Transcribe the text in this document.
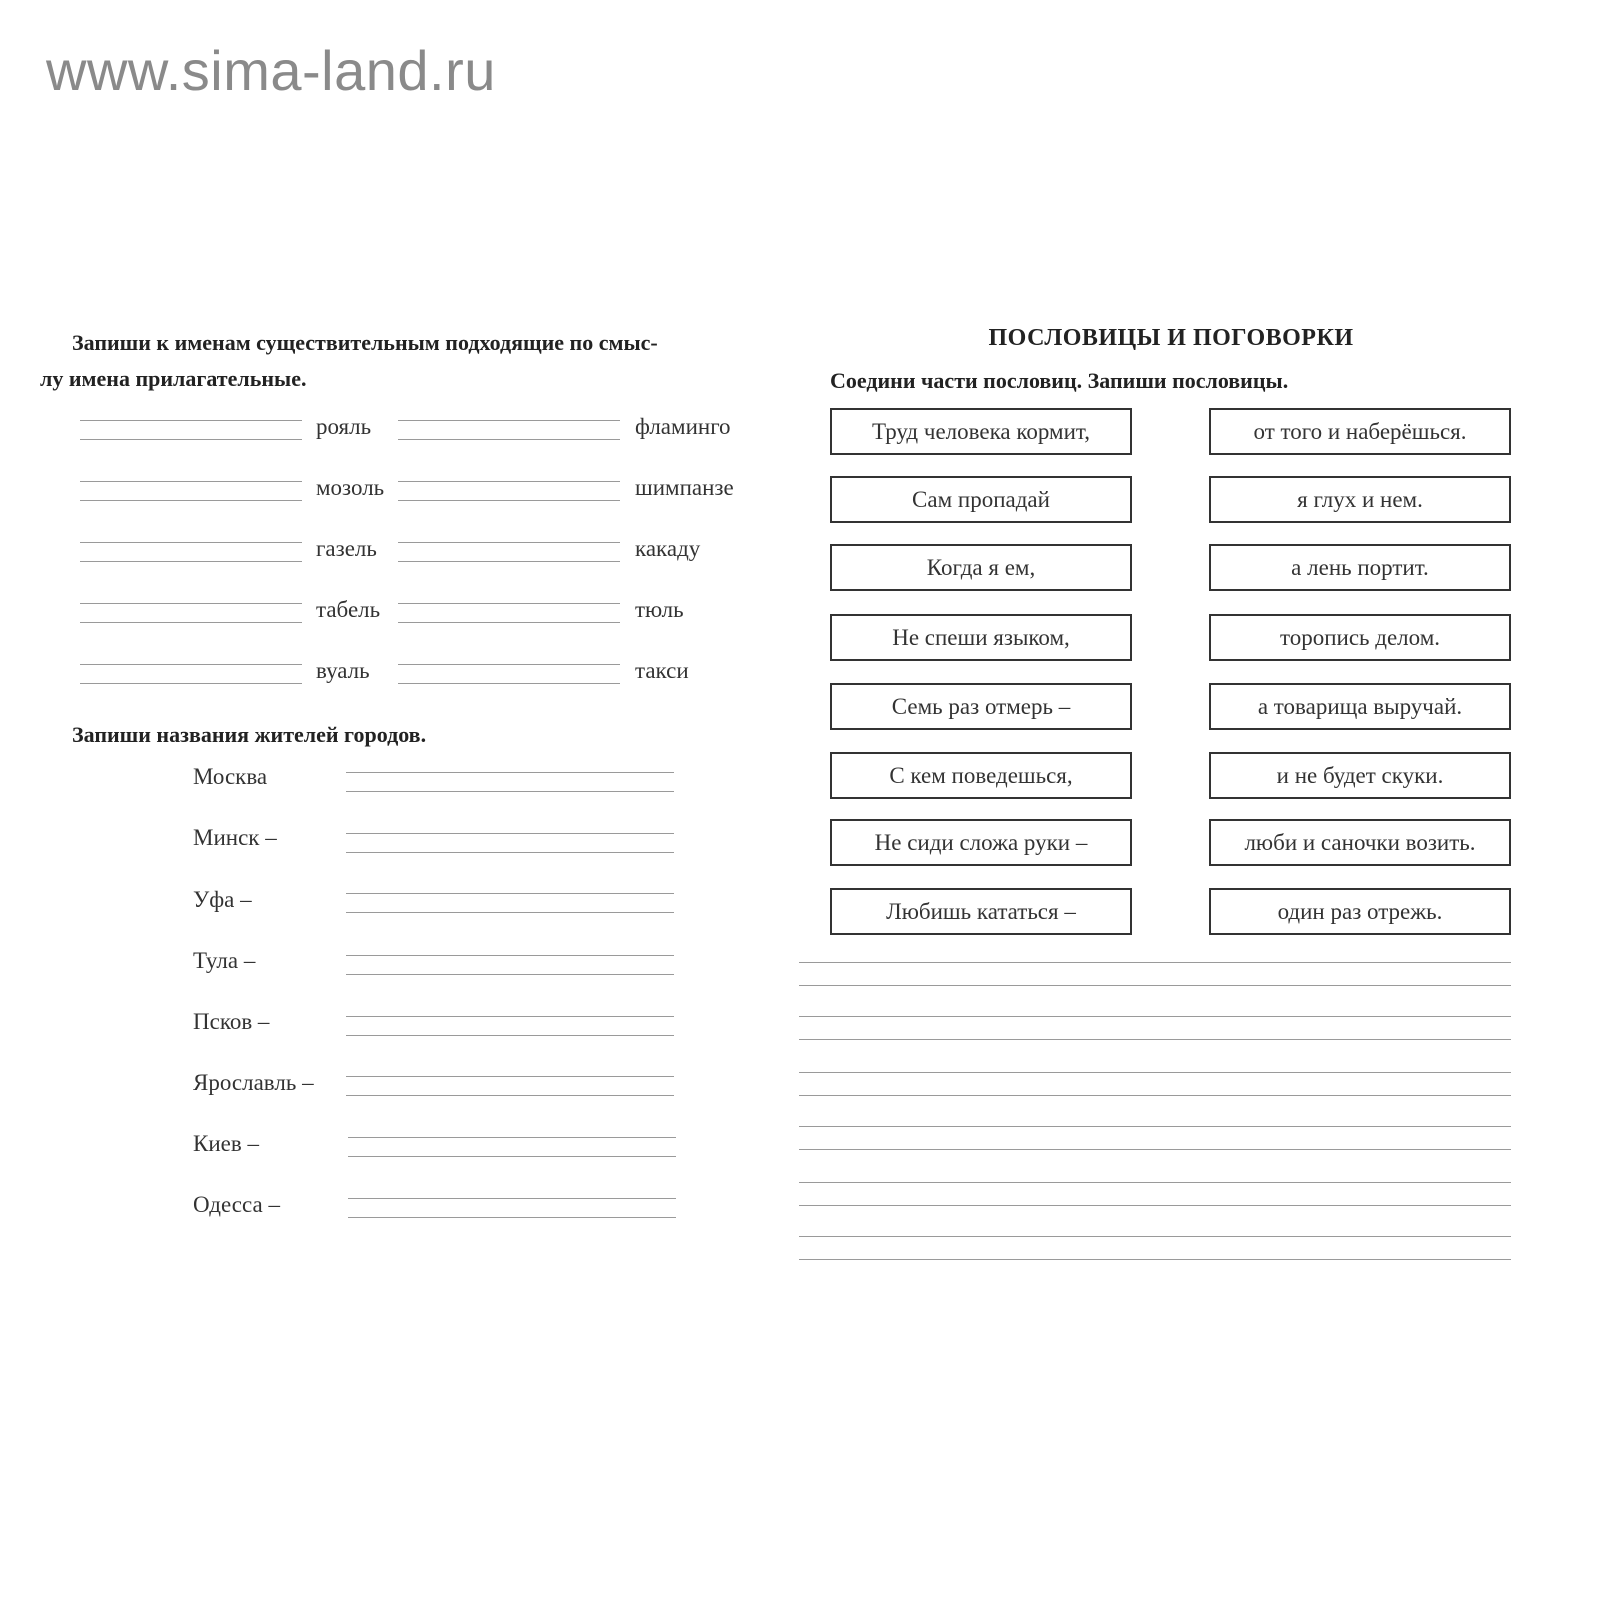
www.sima-land.ru
Запиши к именам существительным подходящие по смыс-
лу имена прилагательные.
рояль	фламинго
мозоль	шимпанзе
газель	какаду
табель	тюль
вуаль	такси
Запиши названия жителей городов.
Москва
Минск –
Уфа –
Тула –
Псков –
Ярославль –
Киев –
Одесса –
ПОСЛОВИЦЫ И ПОГОВОРКИ
Соедини части пословиц. Запиши пословицы.
Труд человека кормит,	от того и наберёшься.
Сам пропадай	я глух и нем.
Когда я ем,	а лень портит.
Не спеши языком,	торопись делом.
Семь раз отмерь –	а товарища выручай.
С кем поведешься,	и не будет скуки.
Не сиди сложа руки –	люби и саночки возить.
Любишь кататься –	один раз отрежь.
